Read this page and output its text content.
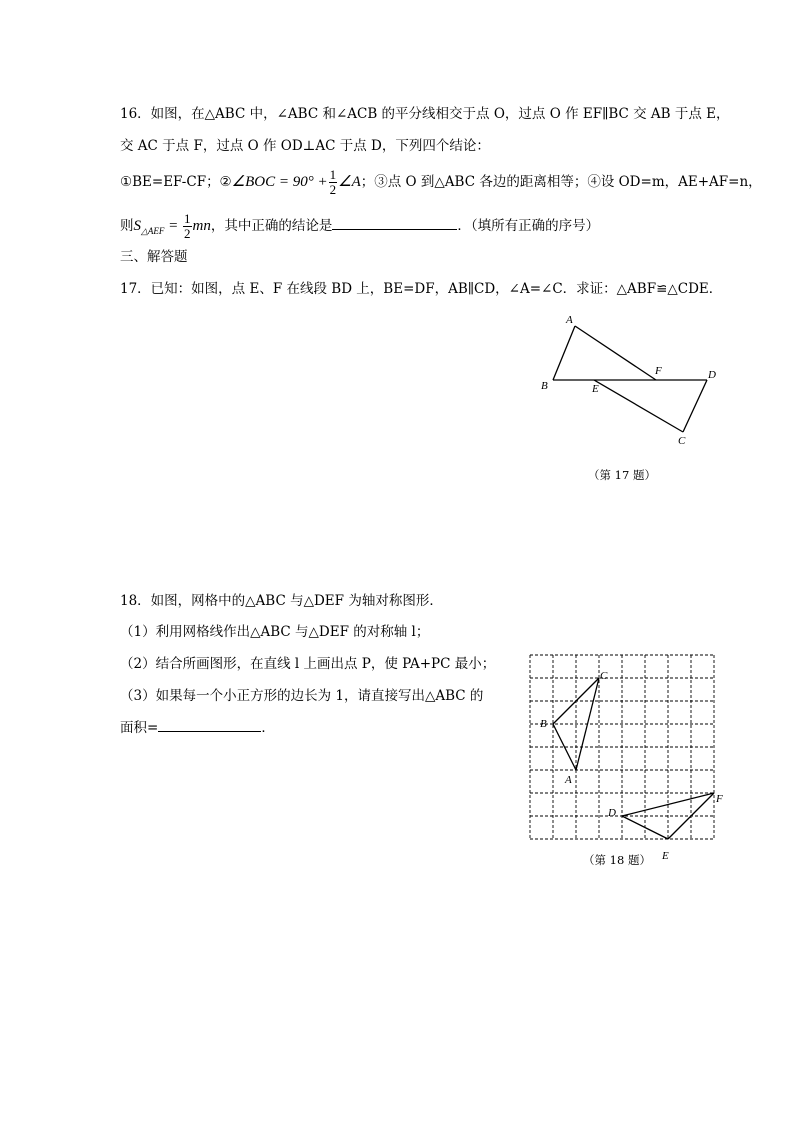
16．如图，在△ABC 中，∠ABC 和∠ACB 的平分线相交于点 O，过点 O 作 EF∥BC 交 AB 于点 E，
交 AC 于点 F，过点 O 作 OD⊥AC 于点 D，下列四个结论：
①BE=EF-CF；②∠BOC = $90^\circ + \frac{1}{2}$ ∠A；③点 O 到△ABC 各边的距离相等；④设 OD=m，AE+AF=n，
则$S_{\triangle AEF} = \frac{1}{2}$ mn，其中正确的结论是	．（填所有正确的序号）
三、解答题
17．已知：如图，点 E、F 在线段 BD 上，BE=DF，AB∥CD，∠A=∠C．求证：△ABF≌△CDE．
A
B	E
F	D
C
（第 17 题）
18．如图，网格中的△ABC 与△DEF 为轴对称图形．
（1）利用网格线作出△ABC 与△DEF 的对称轴 l；
（2）结合所画图形，在直线 l 上画出点 P，使 PA+PC 最小；
（3）如果每一个小正方形的边长为 1，请直接写出△ABC 的
面积=	．
A
B
C
D
E
F
（第 18 题）
